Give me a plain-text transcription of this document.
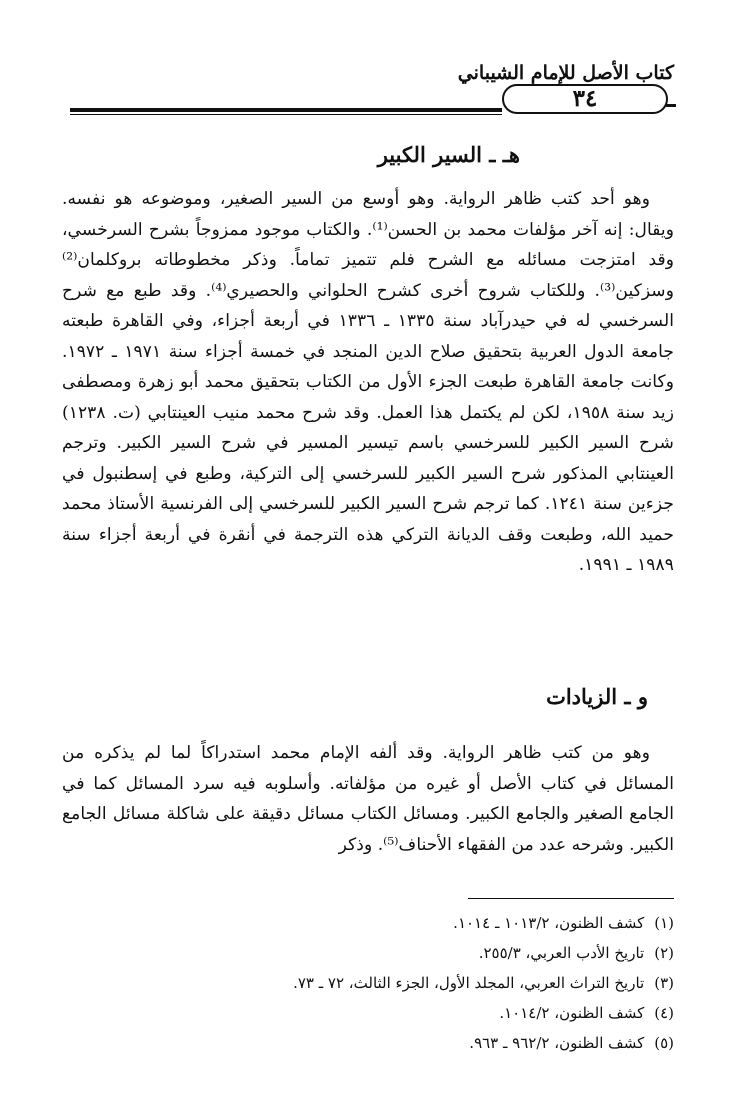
كتاب الأصل للإمام الشيباني
٣٤
هـ ـ السير الكبير

وهو أحد كتب ظاهر الرواية. وهو أوسع من السير الصغير، وموضوعه هو نفسه. ويقال: إنه آخر مؤلفات محمد بن الحسن⁽¹⁾. والكتاب موجود ممزوجاً بشرح السرخسي، وقد امتزجت مسائله مع الشرح فلم تتميز تماماً. وذكر مخطوطاته بروكلمان⁽²⁾ وسزكين⁽³⁾. وللكتاب شروح أخرى كشرح الحلواني والحصيري⁽⁴⁾. وقد طبع مع شرح السرخسي له في حيدرآباد سنة ١٣٣٥ ـ ١٣٣٦ في أربعة أجزاء، وفي القاهرة طبعته جامعة الدول العربية بتحقيق صلاح الدين المنجد في خمسة أجزاء سنة ١٩٧١ ـ ١٩٧٢. وكانت جامعة القاهرة طبعت الجزء الأول من الكتاب بتحقيق محمد أبو زهرة ومصطفى زيد سنة ١٩٥٨، لكن لم يكتمل هذا العمل. وقد شرح محمد منيب العينتابي (ت. ١٢٣٨) شرح السير الكبير للسرخسي باسم تيسير المسير في شرح السير الكبير. وترجم العينتابي المذكور شرح السير الكبير للسرخسي إلى التركية، وطبع في إسطنبول في جزءين سنة ١٢٤١. كما ترجم شرح السير الكبير للسرخسي إلى الفرنسية الأستاذ محمد حميد الله، وطبعت وقف الديانة التركي هذه الترجمة في أنقرة في أربعة أجزاء سنة ١٩٨٩ ـ ١٩٩١.

و ـ الزيادات

وهو من كتب ظاهر الرواية. وقد ألفه الإمام محمد استدراكاً لما لم يذكره من المسائل في كتاب الأصل أو غيره من مؤلفاته. وأسلوبه فيه سرد المسائل كما في الجامع الصغير والجامع الكبير. ومسائل الكتاب مسائل دقيقة على شاكلة مسائل الجامع الكبير. وشرحه عدد من الفقهاء الأحناف⁽⁵⁾. وذكر

(١)كشف الظنون، ١٠١٣/٢ ـ ١٠١٤.
(٢)تاريخ الأدب العربي، ٢٥٥/٣.
(٣)تاريخ التراث العربي، المجلد الأول، الجزء الثالث، ٧٢ ـ ٧٣.
(٤)كشف الظنون، ١٠١٤/٢.
(٥)كشف الظنون، ٩٦٢/٢ ـ ٩٦٣.
